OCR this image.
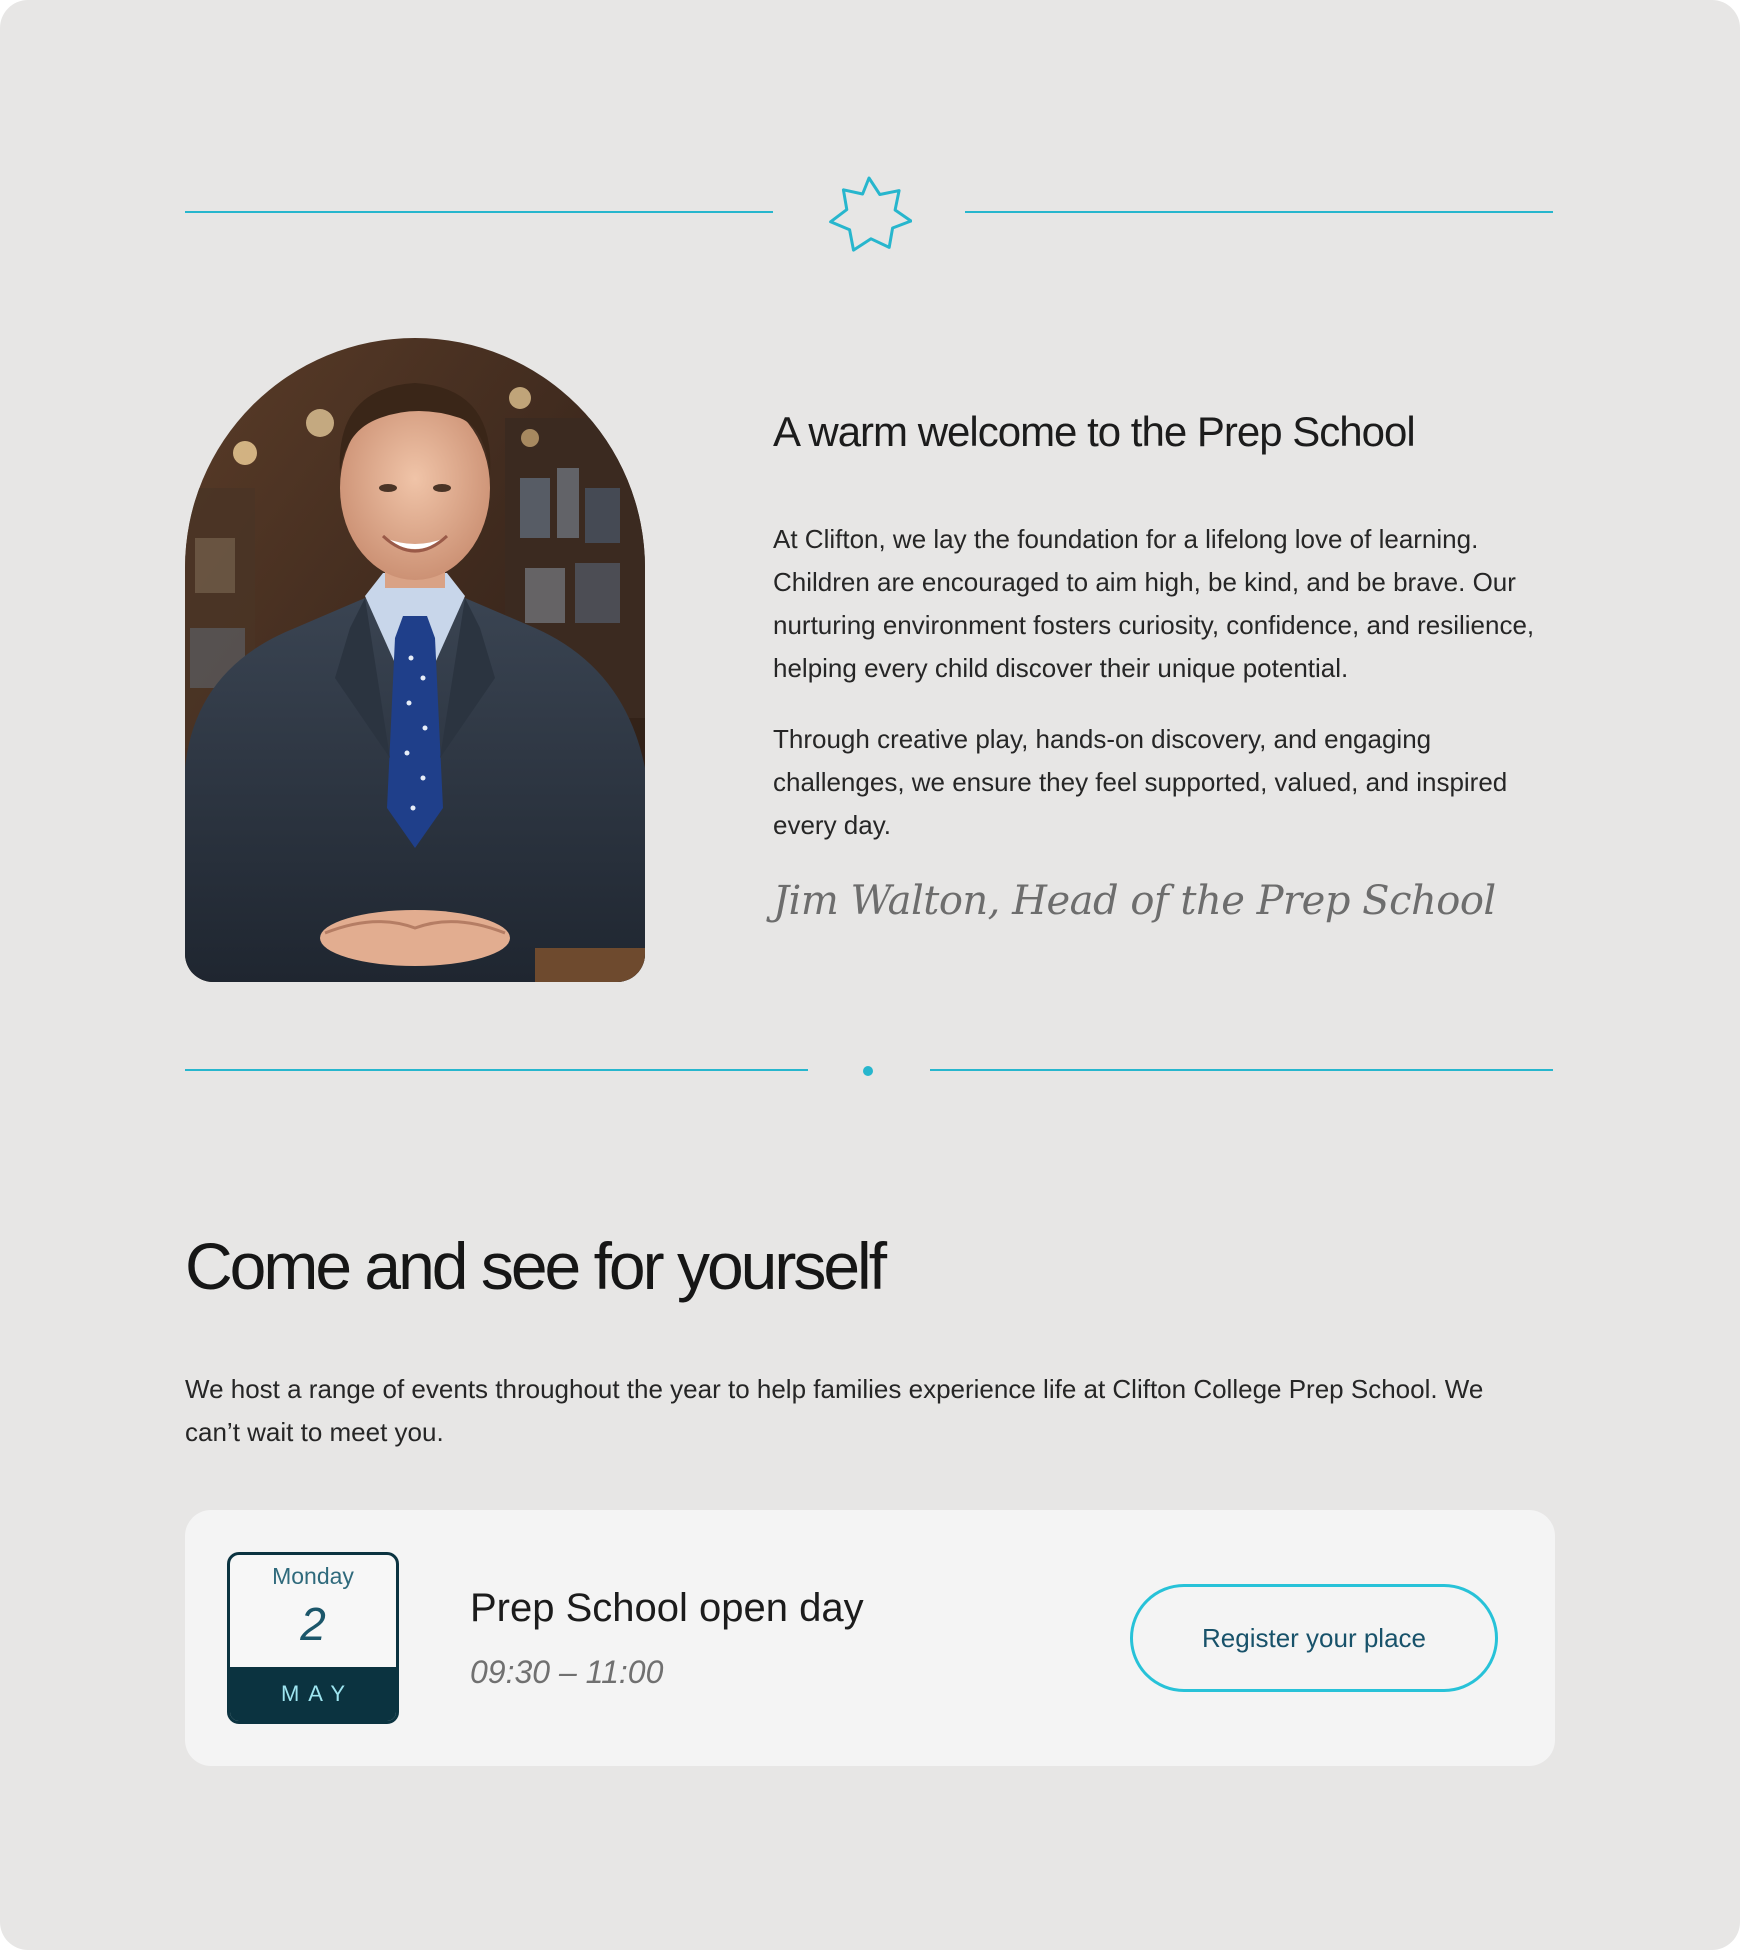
A warm welcome to the Prep School

At Clifton, we lay the foundation for a lifelong love of learning. Children are encouraged to aim high, be kind, and be brave. Our nurturing environment fosters curiosity, confidence, and resilience, helping every child discover their unique potential.

Through creative play, hands-on discovery, and engaging challenges, we ensure they feel supported, valued, and inspired every day.

Jim Walton, Head of the Prep School
Come and see for yourself

We host a range of events throughout the year to help families experience life at Clifton College Prep School. We can’t wait to meet you.

Monday
2
MAY
Prep School open day
09:30 – 11:00
Register your place
